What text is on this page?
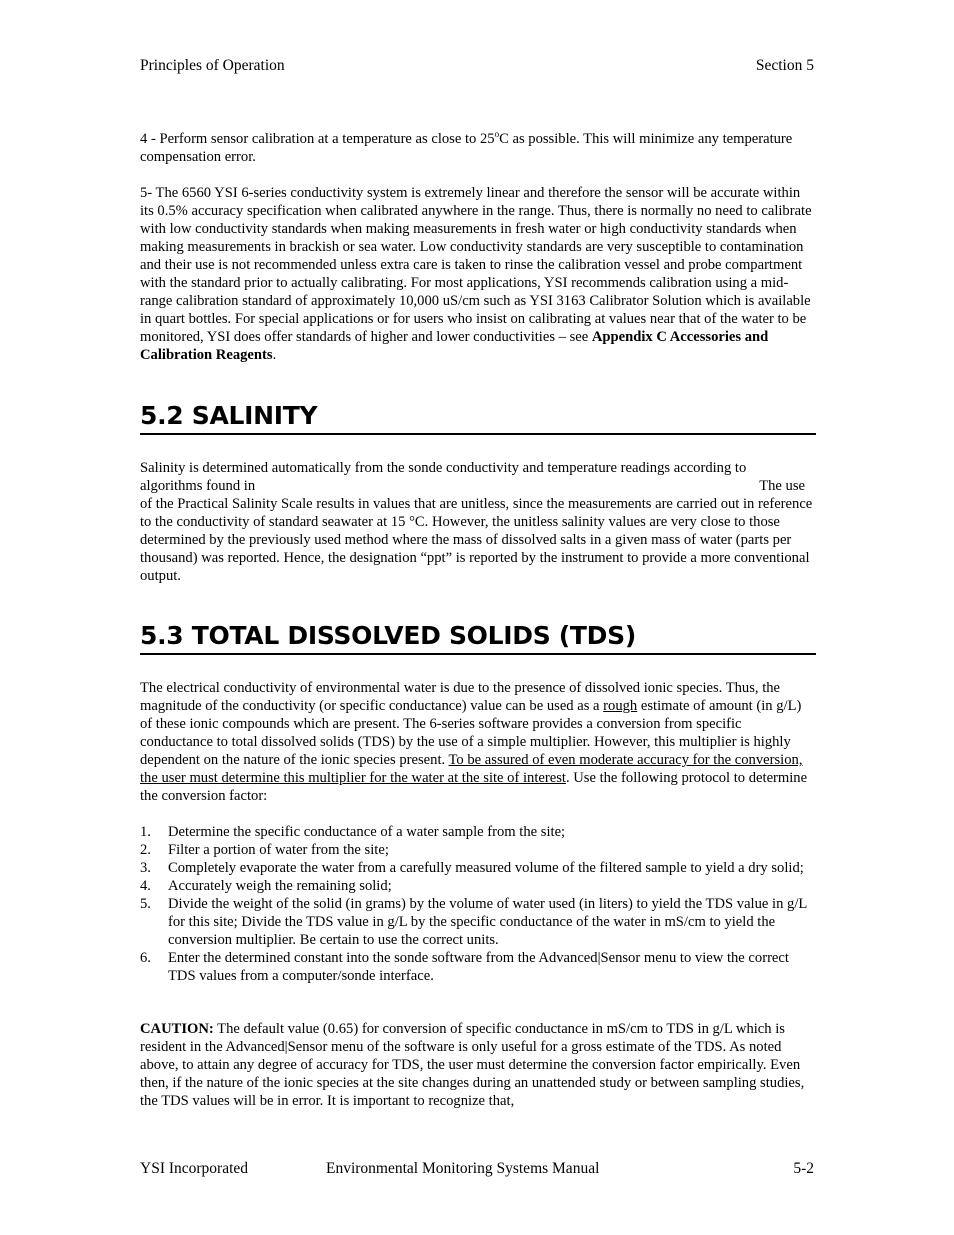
Principles of Operation	Section 5

4 - Perform sensor calibration at a temperature as close to 25$^o$C as possible. This will minimize any temperature compensation error.

5- The 6560 YSI 6-series conductivity system is extremely linear and therefore the sensor will be accurate within its 0.5% accuracy specification when calibrated anywhere in the range. Thus, there is normally no need to calibrate with low conductivity standards when making measurements in fresh water or high conductivity standards when making measurements in brackish or sea water. Low conductivity standards are very susceptible to contamination and their use is not recommended unless extra care is taken to rinse the calibration vessel and probe compartment with the standard prior to actually calibrating. For most applications, YSI recommends calibration using a mid-range calibration standard of approximately 10,000 uS/cm such as YSI 3163 Calibrator Solution which is available in quart bottles. For special applications or for users who insist on calibrating at values near that of the water to be monitored, YSI does offer standards of higher and lower conductivities – see Appendix C Accessories and Calibration Reagents.

5.2 SALINITY
Salinity is determined automatically from the sonde conductivity and temperature readings according to
algorithms found in	The use
of the Practical Salinity Scale results in values that are unitless, since the measurements are carried out in reference to the conductivity of standard seawater at 15 °C. However, the unitless salinity values are very close to those determined by the previously used method where the mass of dissolved salts in a given mass of water (parts per thousand) was reported. Hence, the designation “ppt” is reported by the instrument to provide a more conventional output.
5.3 TOTAL DISSOLVED SOLIDS (TDS)

The electrical conductivity of environmental water is due to the presence of dissolved ionic species. Thus, the magnitude of the conductivity (or specific conductance) value can be used as a rough estimate of amount (in g/L) of these ionic compounds which are present. The 6-series software provides a conversion from specific conductance to total dissolved solids (TDS) by the use of a simple multiplier. However, this multiplier is highly dependent on the nature of the ionic species present. To be assured of even moderate accuracy for the conversion, the user must determine this multiplier for the water at the site of interest. Use the following protocol to determine the conversion factor:

1. Determine the specific conductance of a water sample from the site;
2. Filter a portion of water from the site;
3. Completely evaporate the water from a carefully measured volume of the filtered sample to yield a dry solid;
4. Accurately weigh the remaining solid;
5. Divide the weight of the solid (in grams) by the volume of water used (in liters) to yield the TDS value in g/L for this site; Divide the TDS value in g/L by the specific conductance of the water in mS/cm to yield the conversion multiplier. Be certain to use the correct units.
6. Enter the determined constant into the sonde software from the Advanced|Sensor menu to view the correct TDS values from a computer/sonde interface.

CAUTION: The default value (0.65) for conversion of specific conductance in mS/cm to TDS in g/L which is resident in the Advanced|Sensor menu of the software is only useful for a gross estimate of the TDS. As noted above, to attain any degree of accuracy for TDS, the user must determine the conversion factor empirically. Even then, if the nature of the ionic species at the site changes during an unattended study or between sampling studies, the TDS values will be in error. It is important to recognize that,

YSI Incorporated	Environmental Monitoring Systems Manual	5-2
